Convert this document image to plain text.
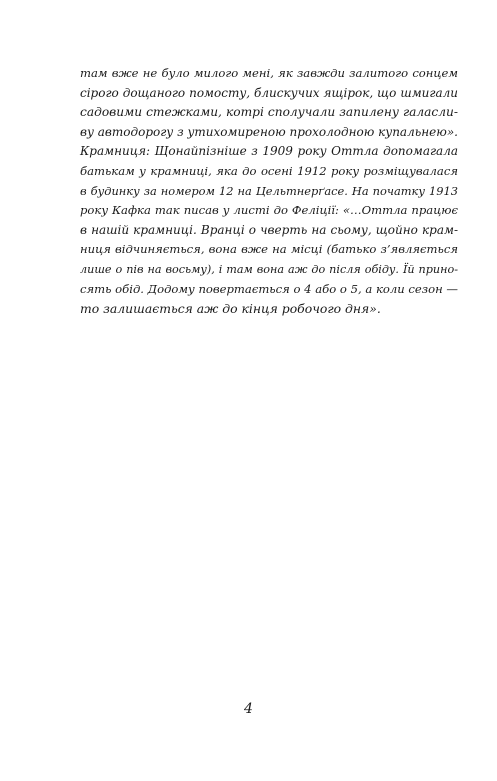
там вже не було милого мені, як завжди залитого сонцем
сірого дощаного помосту, блискучих ящірок, що шмигали
садовими стежками, котрі сполучали запилену галасли-
ву автодорогу з утихомиреною прохолодною купальнею».
Крамниця: Щонайпізніше з 1909 року Оттла допомагала
батькам у крамниці, яка до осені 1912 року розміщувалася
в будинку за номером 12 на Цельтнерґасе. На початку 1913
року Кафка так писав у листі до Феліції: «…Оттла працює
в нашій крамниці. Вранці о чверть на сьому, щойно крам-
ниця відчиняється, вона вже на місці (батько з’являється
лише о пів на восьму), і там вона аж до після обіду. Їй прино-
сять обід. Додому повертається о 4 або о 5, а коли сезон —
то залишається аж до кінця робочого дня».
4
